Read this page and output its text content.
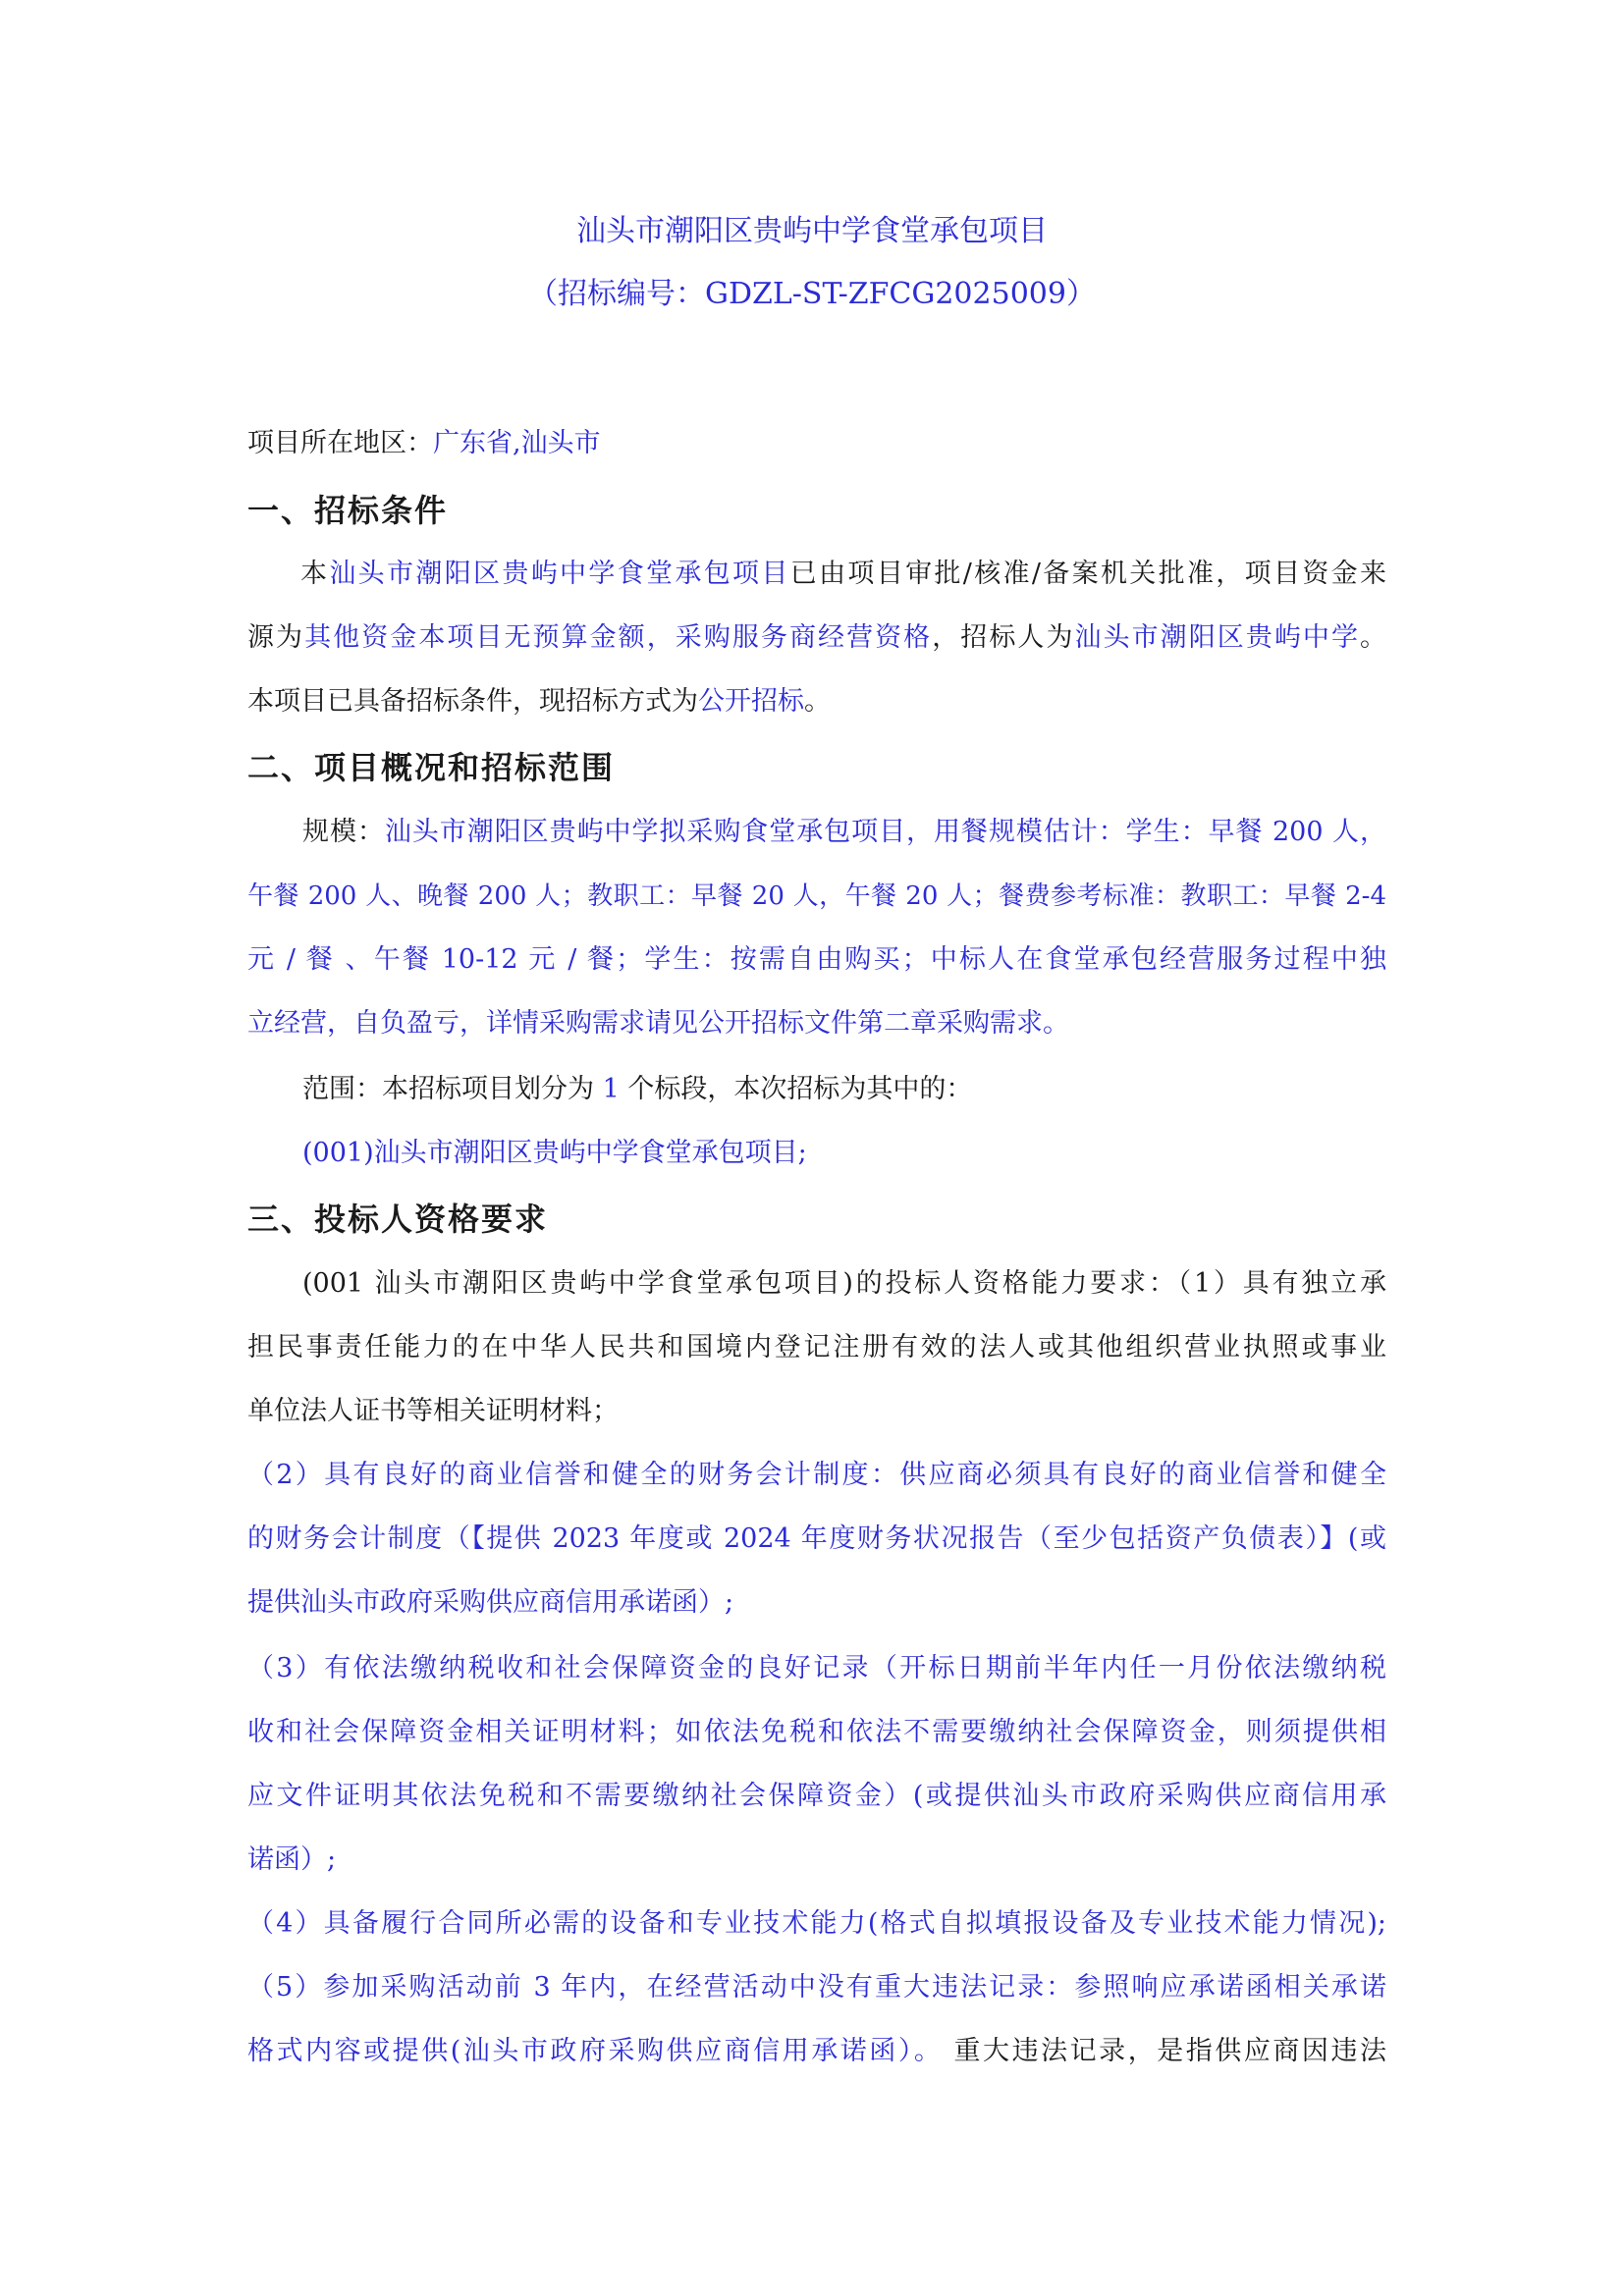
汕头市潮阳区贵屿中学食堂承包项目
（招标编号：GDZL-ST-ZFCG2025009）
项目所在地区：广东省,汕头市
一、招标条件
本汕头市潮阳区贵屿中学食堂承包项目已由项目审批/核准/备案机关批准，项目资金来
源为其他资金本项目无预算金额，采购服务商经营资格，招标人为汕头市潮阳区贵屿中学。
本项目已具备招标条件，现招标方式为公开招标。
二、项目概况和招标范围
规模：汕头市潮阳区贵屿中学拟采购食堂承包项目，用餐规模估计：学生：早餐 200 人，
午餐 200 人、晚餐 200 人；教职工：早餐 20 人，午餐 20 人；餐费参考标准：教职工：早餐 2-4
元 / 餐 、午餐 10-12 元 / 餐；学生：按需自由购买；中标人在食堂承包经营服务过程中独
立经营，自负盈亏，详情采购需求请见公开招标文件第二章采购需求。
范围：本招标项目划分为 1 个标段，本次招标为其中的：
(001)汕头市潮阳区贵屿中学食堂承包项目;
三、投标人资格要求
(001 汕头市潮阳区贵屿中学食堂承包项目)的投标人资格能力要求：（1）具有独立承
担民事责任能力的在中华人民共和国境内登记注册有效的法人或其他组织营业执照或事业
单位法人证书等相关证明材料；
（2）具有良好的商业信誉和健全的财务会计制度：供应商必须具有良好的商业信誉和健全
的财务会计制度（【提供 2023 年度或 2024 年度财务状况报告（至少包括资产负债表）】(或
提供汕头市政府采购供应商信用承诺函）;
（3）有依法缴纳税收和社会保障资金的良好记录（开标日期前半年内任一月份依法缴纳税
收和社会保障资金相关证明材料；如依法免税和依法不需要缴纳社会保障资金，则须提供相
应文件证明其依法免税和不需要缴纳社会保障资金）(或提供汕头市政府采购供应商信用承
诺函）;
（4）具备履行合同所必需的设备和专业技术能力(格式自拟填报设备及专业技术能力情况);
（5）参加采购活动前 3 年内，在经营活动中没有重大违法记录：参照响应承诺函相关承诺
格式内容或提供(汕头市政府采购供应商信用承诺函）。 重大违法记录，是指供应商因违法
